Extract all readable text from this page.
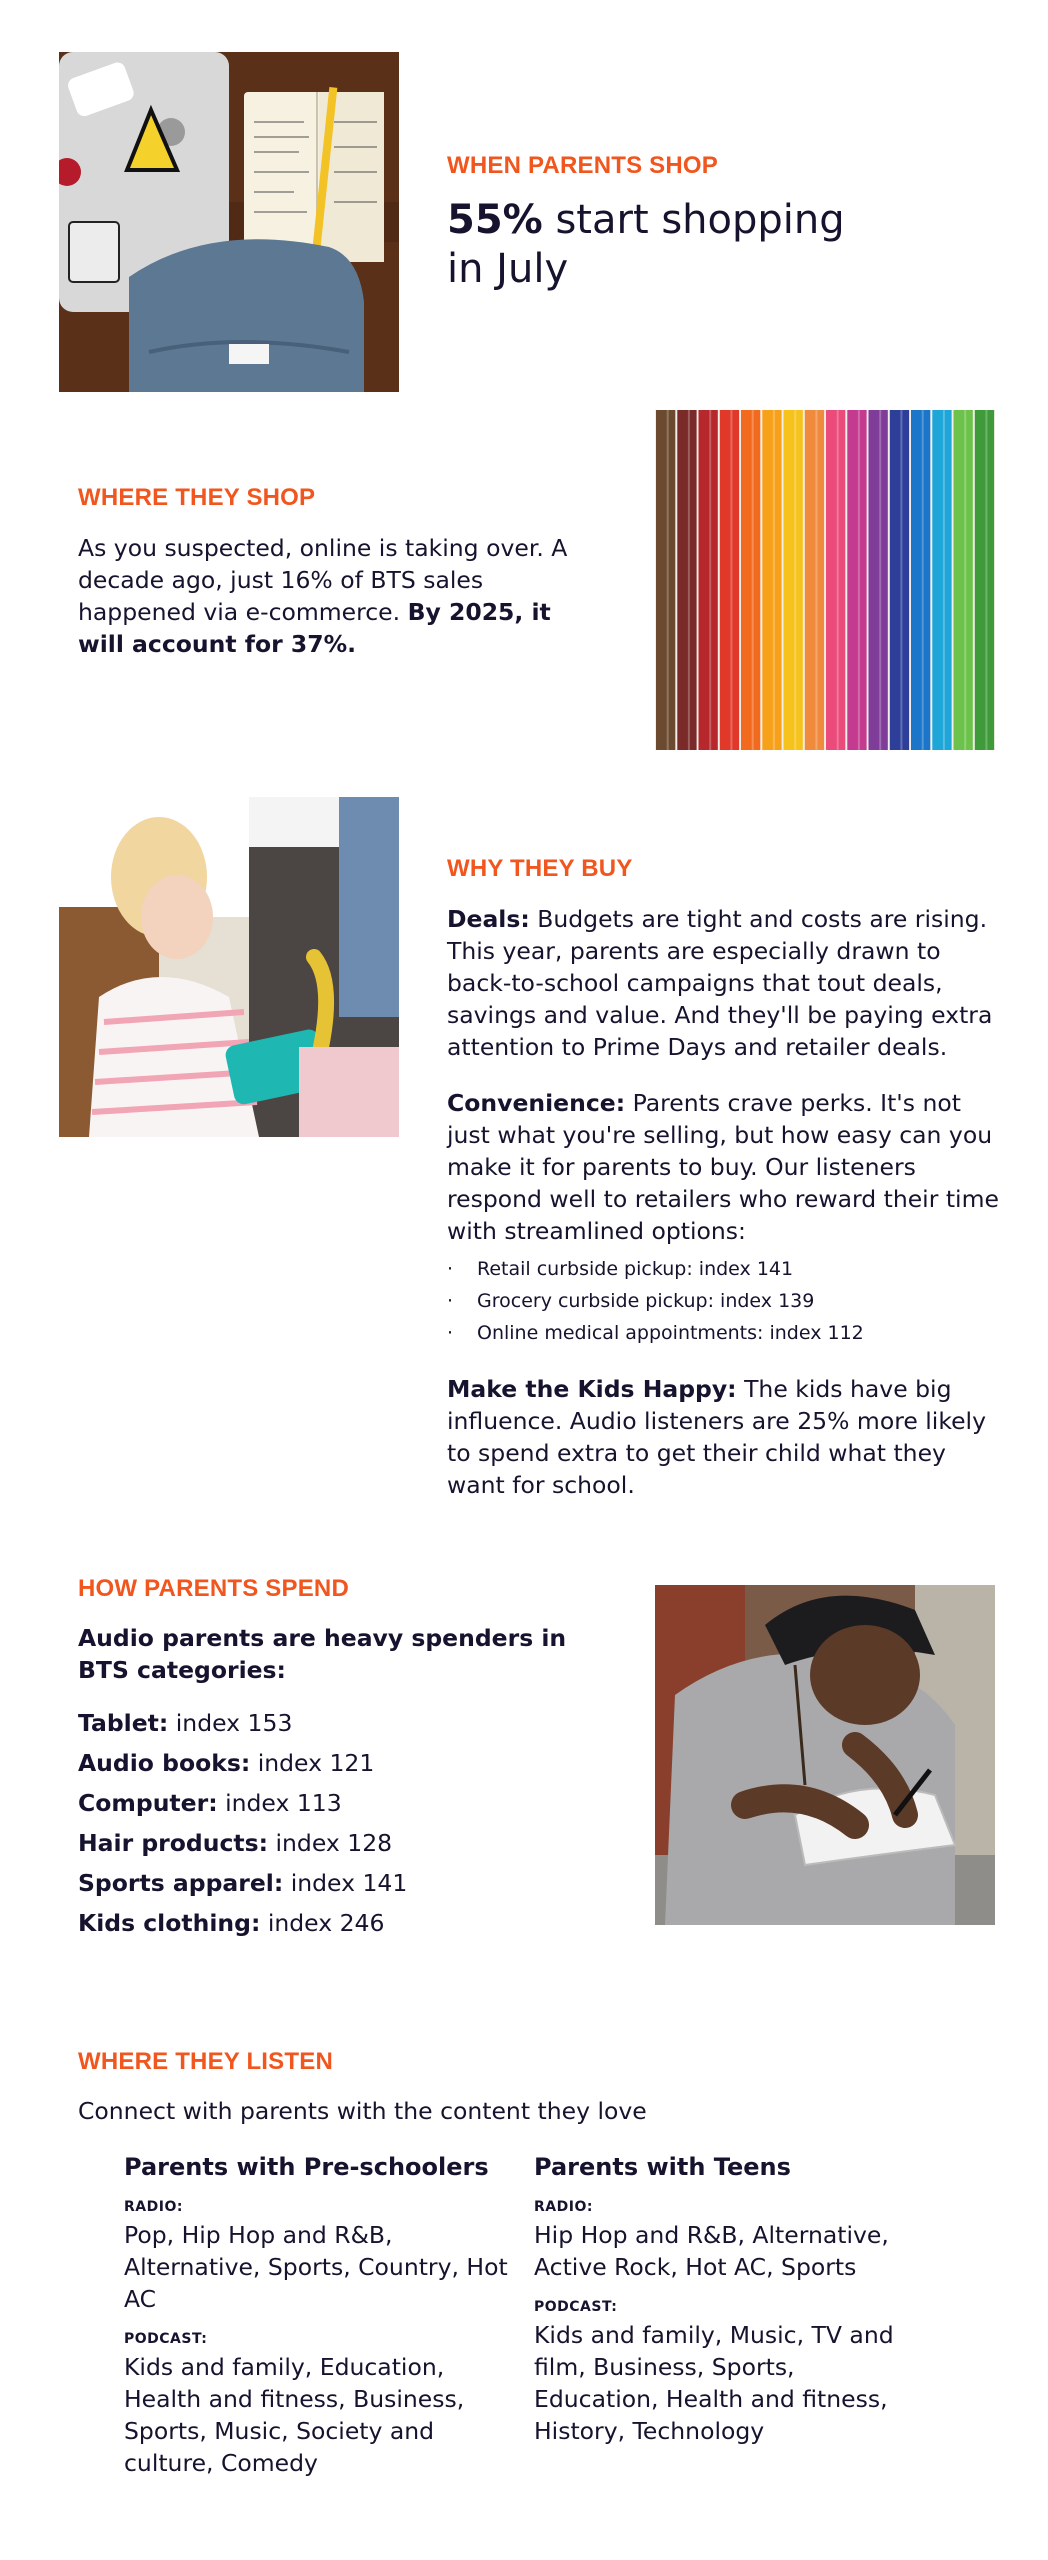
WHEN PARENTS SHOP
55% start shopping in July
WHERE THEY SHOP
As you suspected, online is taking over. A decade ago, just 16% of BTS sales happened via e-commerce. By 2025, it will account for 37%.
WHY THEY BUY

Deals: Budgets are tight and costs are rising. This year, parents are especially drawn to back-to-school campaigns that tout deals, savings and value. And they'll be paying extra attention to Prime Days and retailer deals.

Convenience: Parents crave perks. It's not just what you're selling, but how easy can you make it for parents to buy. Our listeners respond well to retailers who reward their time with streamlined options:

· Retail curbside pickup: index 141
· Grocery curbside pickup: index 139
· Online medical appointments: index 112

Make the Kids Happy: The kids have big influence. Audio listeners are 25% more likely to spend extra to get their child what they want for school.

HOW PARENTS SPEND
Audio parents are heavy spenders in BTS categories:
Tablet: index 153
Audio books: index 121
Computer: index 113
Hair products: index 128
Sports apparel: index 141
Kids clothing: index 246
WHERE THEY LISTEN
Connect with parents with the content they love
Parents with Pre-schoolers
RADIO:
Pop, Hip Hop and R&B, Alternative, Sports, Country, Hot AC
PODCAST:
Kids and family, Education, Health and fitness, Business, Sports, Music, Society and culture, Comedy
Parents with Teens
RADIO:
Hip Hop and R&B, Alternative, Active Rock, Hot AC, Sports
PODCAST:
Kids and family, Music, TV and film, Business, Sports, Education, Health and fitness, History, Technology
